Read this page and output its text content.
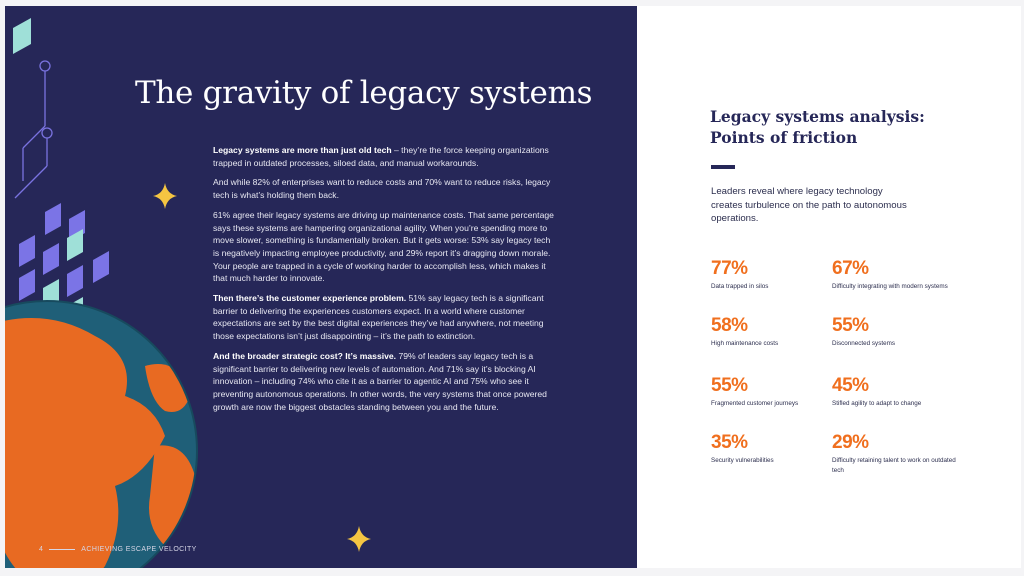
The gravity of legacy systems

Legacy systems are more than just old tech – they’re the force keeping organizations trapped in outdated processes, siloed data, and manual workarounds.

And while 82% of enterprises want to reduce costs and 70% want to reduce risks, legacy tech is what’s holding them back.

61% agree their legacy systems are driving up maintenance costs. That same percentage says these systems are hampering organizational agility. When you’re spending more to move slower, something is fundamentally broken. But it gets worse: 53% say legacy tech is negatively impacting employee productivity, and 29% report it’s dragging down morale. Your people are trapped in a cycle of working harder to accomplish less, which makes it that much harder to innovate.

Then there’s the customer experience problem. 51% say legacy tech is a significant barrier to delivering the experiences customers expect. In a world where customer expectations are set by the best digital experiences they’ve had anywhere, not meeting those expectations isn’t just disappointing – it’s the path to extinction.

And the broader strategic cost? It’s massive. 79% of leaders say legacy tech is a significant barrier to delivering new levels of automation. And 71% say it’s blocking AI innovation – including 74% who cite it as a barrier to agentic AI and 75% who see it preventing autonomous operations. In other words, the very systems that once powered growth are now the biggest obstacles standing between you and the future.

4	ACHIEVING ESCAPE VELOCITY
Legacy systems analysis:
Points of friction
Leaders reveal where legacy technology creates turbulence on the path to autonomous operations.
77%
Data trapped in silos
67%
Difficulty integrating with modern systems
58%
High maintenance costs
55%
Disconnected systems
55%
Fragmented customer journeys
45%
Stifled agility to adapt to change
35%
Security vulnerabilities
29%
Difficulty retaining talent to work on outdated tech
